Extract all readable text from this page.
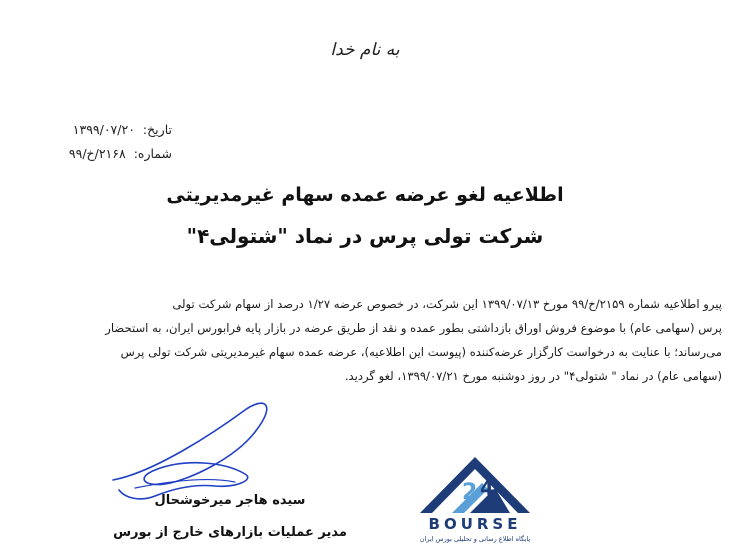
به نام خدا
تاریخ: ۱۳۹۹/۰۷/۲۰
شماره: ۲۱۶۸/خ/۹۹
اطلاعیه لغو عرضه عمده سهام غیرمدیریتی
شرکت تولی پرس در نماد "شتولی۴"

پیرو اطلاعیه شماره ۲۱۵۹/خ/۹۹ مورخ ۱۳۹۹/۰۷/۱۳ این شرکت، در خصوص عرضه ۱/۲۷ درصد از سهام شرکت تولی

پرس (سهامی عام) با موضوع فروش اوراق بازداشتی بطور عمده و نقد از طریق عرضه در بازار پایه فرابورس ایران، به استحضار

می‌رساند؛ با عنایت به درخواست کارگزار عرضه‌کننده (پیوست این اطلاعیه)، عرضه عمده سهام غیرمدیریتی شرکت تولی پرس

(سهامی عام) در نماد " شتولی۴" در روز دوشنبه مورخ ۱۳۹۹/۰۷/۲۱، لغو گردید.

سیده هاجر میرخوشحال
مدیر عملیات بازارهای خارج از بورس
2 4
BOURSE
پایگاه اطلاع رسانی و تحلیلی بورس ایران
